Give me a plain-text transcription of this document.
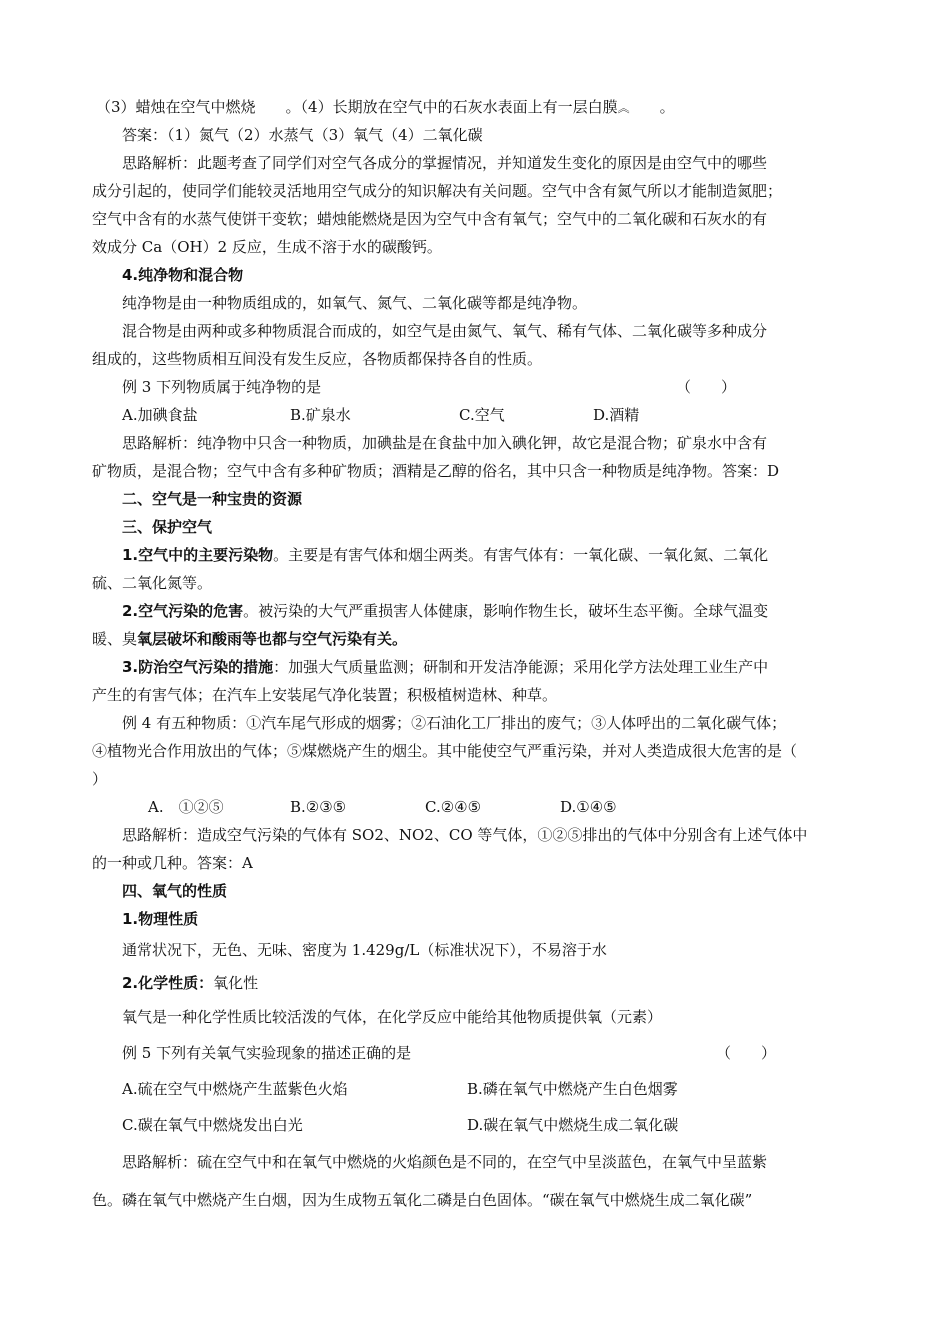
（3）蜡烛在空气中燃烧 。（4）长期放在空气中的石灰水表面上有一层白膜︽ 。
答案：（1）氮气（2）水蒸气（3）氧气（4）二氧化碳
思路解析：此题考查了同学们对空气各成分的掌握情况，并知道发生变化的原因是由空气中的哪些
成分引起的，使同学们能较灵活地用空气成分的知识解决有关问题。空气中含有氮气所以才能制造氮肥；
空气中含有的水蒸气使饼干变软；蜡烛能燃烧是因为空气中含有氧气；空气中的二氧化碳和石灰水的有
效成分 Ca（OH）2 反应，生成不溶于水的碳酸钙。
4.纯净物和混合物
纯净物是由一种物质组成的，如氧气、氮气、二氧化碳等都是纯净物。
混合物是由两种或多种物质混合而成的，如空气是由氮气、氧气、稀有气体、二氧化碳等多种成分
组成的，这些物质相互间没有发生反应，各物质都保持各自的性质。
例 3 下列物质属于纯净物的是	（　　）
A.加碘食盐	B.矿泉水	C.空气	D.酒精
思路解析：纯净物中只含一种物质，加碘盐是在食盐中加入碘化钾，故它是混合物；矿泉水中含有
矿物质，是混合物；空气中含有多种矿物质；酒精是乙醇的俗名，其中只含一种物质是纯净物。答案：D
二、空气是一种宝贵的资源
三、保护空气
1.空气中的主要污染物。主要是有害气体和烟尘两类。有害气体有：一氧化碳、一氧化氮、二氧化
硫、二氧化氮等。
2.空气污染的危害。被污染的大气严重损害人体健康，影响作物生长，破坏生态平衡。全球气温变
暖、臭氧层破坏和酸雨等也都与空气污染有关。
3.防治空气污染的措施：加强大气质量监测；研制和开发洁净能源；采用化学方法处理工业生产中
产生的有害气体；在汽车上安装尾气净化装置；积极植树造林、种草。
例 4 有五种物质：①汽车尾气形成的烟雾；②石油化工厂排出的废气；③人体呼出的二氧化碳气体；
④植物光合作用放出的气体；⑤煤燃烧产生的烟尘。其中能使空气严重污染，并对人类造成很大危害的是（
）
A.　①②⑤	B.②③⑤	C.②④⑤	D.①④⑤
思路解析：造成空气污染的气体有 SO2、NO2、CO 等气体，①②⑤排出的气体中分别含有上述气体中
的一种或几种。答案：A
四、氧气的性质
1.物理性质
通常状况下，无色、无味、密度为 1.429g/L（标准状况下），不易溶于水
2.化学性质：氧化性
氧气是一种化学性质比较活泼的气体，在化学反应中能给其他物质提供氧（元素）
例 5 下列有关氧气实验现象的描述正确的是	（　　）
A.硫在空气中燃烧产生蓝紫色火焰	B.磷在氧气中燃烧产生白色烟雾
C.碳在氧气中燃烧发出白光	D.碳在氧气中燃烧生成二氧化碳
思路解析：硫在空气中和在氧气中燃烧的火焰颜色是不同的，在空气中呈淡蓝色，在氧气中呈蓝紫
色。磷在氧气中燃烧产生白烟，因为生成物五氧化二磷是白色固体。“碳在氧气中燃烧生成二氧化碳”
